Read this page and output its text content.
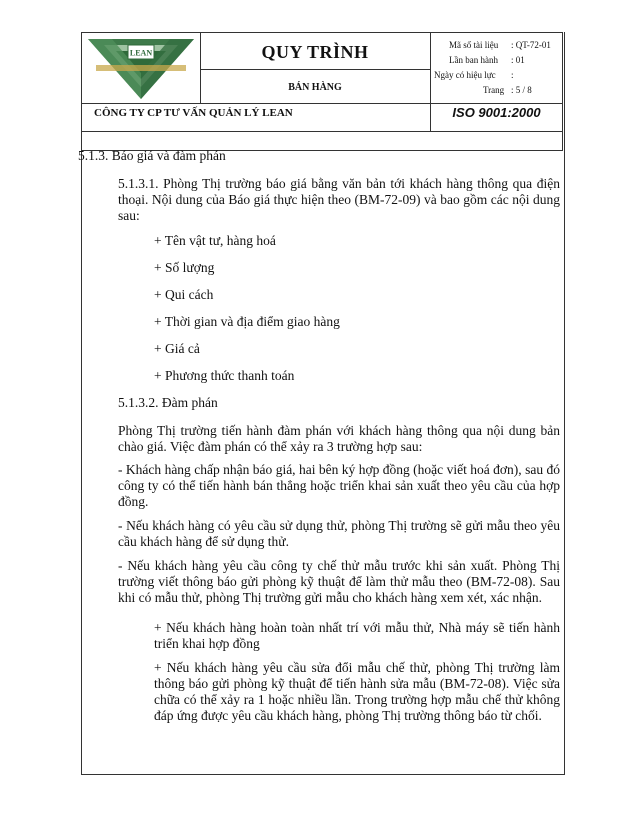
LEAN	QUY TRÌNH
BÁN HÀNG
Mã số tài liệu : QT-72-01
Lần ban hành : 01
Ngày có hiệu lực :
Trang : 5 / 8
CÔNG TY CP TƯ VẤN QUẢN LÝ LEAN	ISO 9001:2000
5.1.3. Báo giá và đàm phán
5.1.3.1. Phòng Thị trường báo giá bằng văn bản tới khách hàng thông qua điện thoại. Nội dung của Báo giá thực hiện theo (BM-72-09) và bao gồm các nội dung sau:
+ Tên vật tư, hàng hoá
+ Số lượng
+ Qui cách
+ Thời gian và địa điểm giao hàng
+ Giá cả
+ Phương thức thanh toán
5.1.3.2. Đàm phán
Phòng Thị trường tiến hành đàm phán với khách hàng thông qua nội dung bản chào giá. Việc đàm phán có thể xảy ra 3 trường hợp sau:
- Khách hàng chấp nhận báo giá, hai bên ký hợp đồng (hoặc viết hoá đơn), sau đó công ty có thể tiến hành bán thẳng hoặc triển khai sản xuất theo yêu cầu của hợp đồng.
- Nếu khách hàng có yêu cầu sử dụng thử, phòng Thị trường sẽ gửi mẫu theo yêu cầu khách hàng để sử dụng thử.
- Nếu khách hàng yêu cầu công ty chế thử mẫu trước khi sản xuất. Phòng Thị trường viết thông báo gửi phòng kỹ thuật để làm thử mẫu theo (BM-72-08). Sau khi có mẫu thử, phòng Thị trường gửi mẫu cho khách hàng xem xét, xác nhận.
+ Nếu khách hàng hoàn toàn nhất trí với mẫu thử, Nhà máy sẽ tiến hành triển khai hợp đồng
+ Nếu khách hàng yêu cầu sửa đổi mẫu chế thử, phòng Thị trường làm thông báo gửi phòng kỹ thuật để tiến hành sửa mẫu (BM-72-08). Việc sửa chữa có thể xảy ra 1 hoặc nhiều lần. Trong trường hợp mẫu chế thử không đáp ứng được yêu cầu khách hàng, phòng Thị trường thông báo từ chối.
